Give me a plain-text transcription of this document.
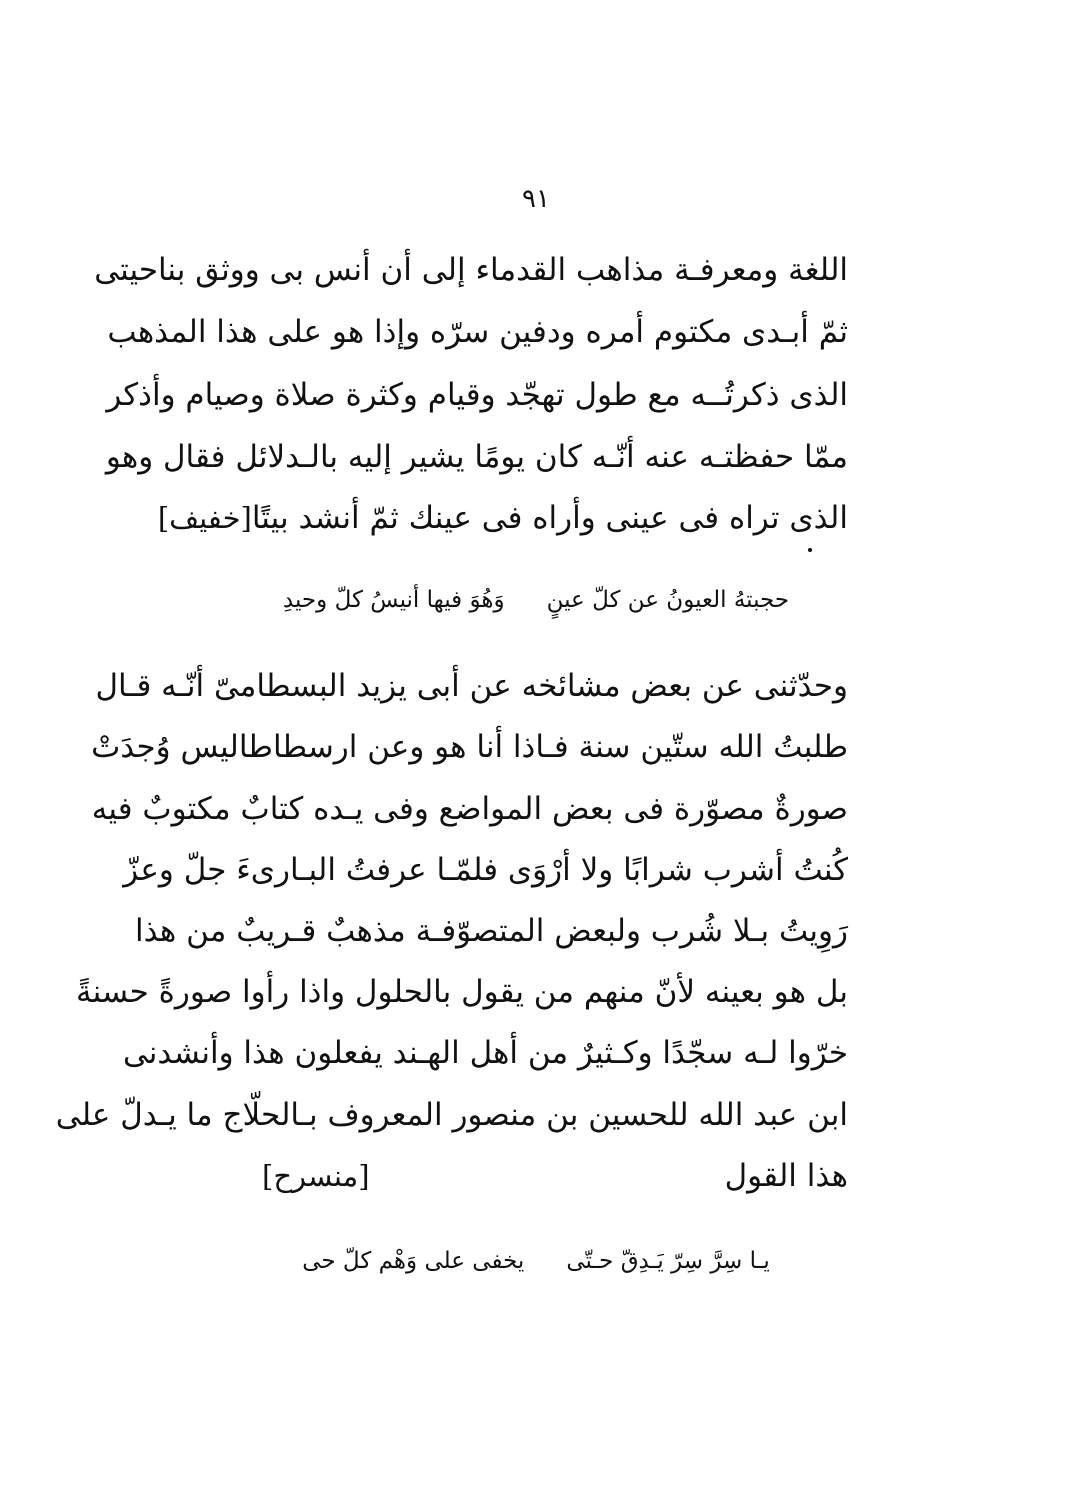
٩١
اللغة ومعرفـة مذاهب القدماء إلى أن أنس بى ووثق بناحيتى
ثمّ أبـدى مكتوم أمره ودفين سرّه وإذا هو على هذا المذهب
الذى ذكرتُــه مع طول تهجّد وقيام وكثرة صلاة وصيام وأذكر
ممّا حفظتـه عنه أنّـه كان يومًا يشير إليه بالـدلائل فقال وهو
الذى تراه فى عينى وأراه فى عينك ثمّ أنشد بيتًا
[خفيف]
حجبتهُ العيونُ عن كلّ عينٍ
وَهُوَ فيها أنيسُ كلّ وحيدِ
وحدّثنى عن بعض مشائخه عن أبى يزيد البسطامىّ أنّـه قـال
طلبتُ الله ستّين سنة فـاذا أنا هو وعن ارسطاطاليس وُجدَتْ
صورةٌ مصوّرة فى بعض المواضع وفى يـده كتابٌ مكتوبٌ فيه
كُنتُ أشرب شرابًا ولا أرْوَى فلمّـا عرفتُ البـارىءَ جلّ وعزّ
رَوِيتُ بـلا شُرب ولبعض المتصوّفـة مذهبٌ قـريبٌ من هذا
بل هو بعينه لأنّ منهم من يقول بالحلول واذا رأوا صورةً حسنةً
خرّوا لـه سجّدًا وكـثيرٌ من أهل الهـند يفعلون هذا وأنشدنى
ابن عبد الله للحسين بن منصور المعروف بـالحلّاج ما يـدلّ على
هذا القول
[منسرح]
يـا سِرَّ سِرّ يَـدِقّ حـتّى
يخفى على وَهْم كلّ حى
